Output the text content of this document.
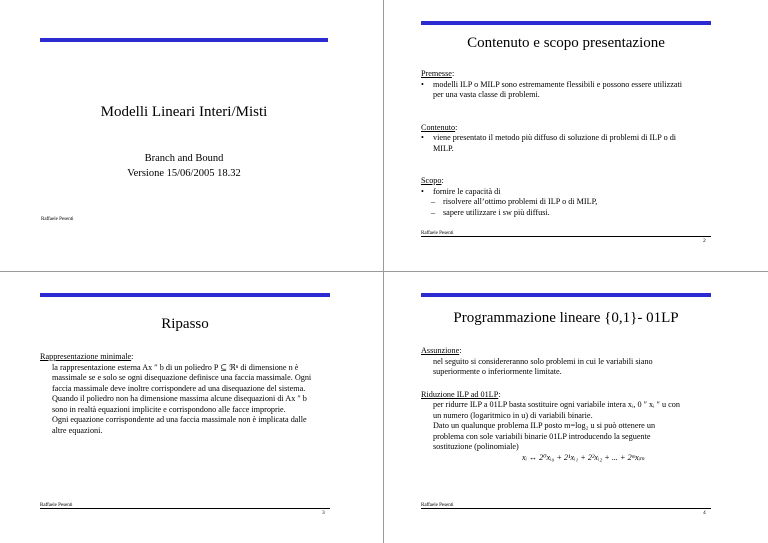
Modelli Lineari Interi/Misti
Branch and Bound
Versione 15/06/2005 18.32
Raffaele Pesenti
Contenuto e scopo presentazione
Premesse:
• modelli ILP o MILP sono estremamente flessibili e possono essere utilizzati
per una vasta classe di problemi.
Contenuto:
• viene presentato il metodo più diffuso di soluzione di problemi di ILP o di
MILP.
Scopo:
• fornire le capacità di
– risolvere all’ottimo problemi di ILP o di MILP,
– sapere utilizzare i sw più diffusi.
Raffaele Pesenti
2
Ripasso
Rappresentazione minimale:

la rappresentazione esterna Ax ″ b di un poliedro P ⊆ ℜⁿ di dimensione n è

massimale se e solo se ogni disequazione definisce una faccia massimale. Ogni

faccia massimale deve inoltre corrispondere ad una disequazione del sistema.

Quando il poliedro non ha dimensione massima alcune disequazioni di Ax ″ b

sono in realtà equazioni implicite e corrispondono alle facce improprie.

Ogni equazione corrispondente ad una faccia massimale non è implicata dalle

altre equazioni.

Raffaele Pesenti
3
Programmazione lineare {0,1}- 01LP
Assunzione:

nel seguito si considereranno solo problemi in cui le variabili siano

superiormente o inferiormente limitate.

Riduzione ILP ad 01LP:

per ridurre ILP a 01LP basta sostituire ogni variabile intera xᵢ, 0 ″ xᵢ ″ u con

un numero (logaritmico in u) di variabili binarie.

Dato un qualunque problema ILP posto m=log₂ u si può ottenere un

problema con sole variabili binarie 01LP introducendo la seguente

sostituzione (polinomiale)

xᵢ ↔ 2⁰xᵢ₀ + 2¹xᵢ₁ + 2²xᵢ₂ + ... + 2ᵐxᵢₘ
Raffaele Pesenti
4
